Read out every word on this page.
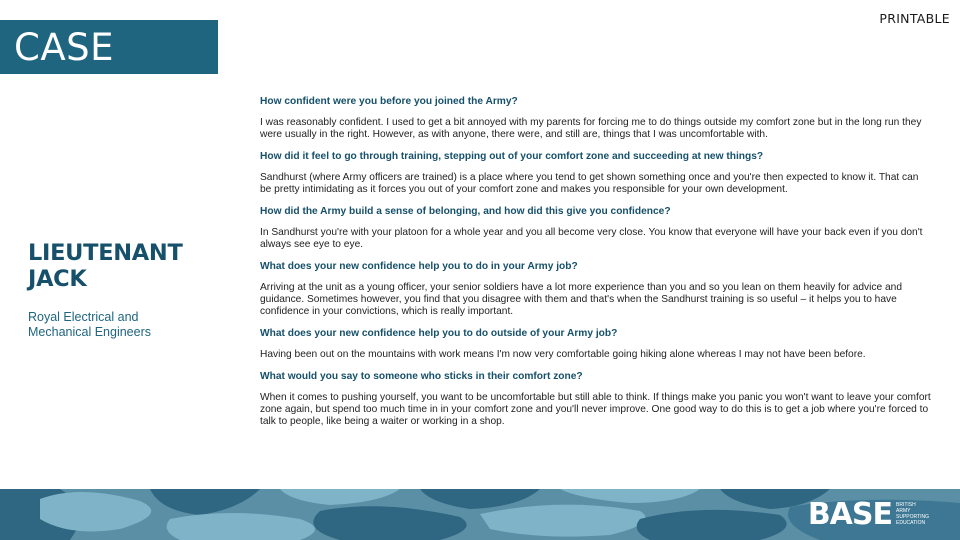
CASE
PRINTABLE
LIEUTENANT
JACK
Royal Electrical and
Mechanical Engineers

How confident were you before you joined the Army?

I was reasonably confident. I used to get a bit annoyed with my parents for forcing me to do things outside my comfort zone but in the long run they were usually in the right. However, as with anyone, there were, and still are, things that I was uncomfortable with.

How did it feel to go through training, stepping out of your comfort zone and succeeding at new things?

Sandhurst (where Army officers are trained) is a place where you tend to get shown something once and you're then expected to know it. That can be pretty intimidating as it forces you out of your comfort zone and makes you responsible for your own development.

How did the Army build a sense of belonging, and how did this give you confidence?

In Sandhurst you're with your platoon for a whole year and you all become very close. You know that everyone will have your back even if you don't always see eye to eye.

What does your new confidence help you to do in your Army job?

Arriving at the unit as a young officer, your senior soldiers have a lot more experience than you and so you lean on them heavily for advice and guidance. Sometimes however, you find that you disagree with them and that's when the Sandhurst training is so useful – it helps you to have confidence in your convictions, which is really important.

What does your new confidence help you to do outside of your Army job?

Having been out on the mountains with work means I'm now very comfortable going hiking alone whereas I may not have been before.

What would you say to someone who sticks in their comfort zone?

When it comes to pushing yourself, you want to be uncomfortable but still able to think. If things make you panic you won't want to leave your comfort zone again, but spend too much time in in your comfort zone and you'll never improve. One good way to do this is to get a job where you're forced to talk to people, like being a waiter or working in a shop.

BASE BRITISH
ARMY
SUPPORTING
EDUCATION
